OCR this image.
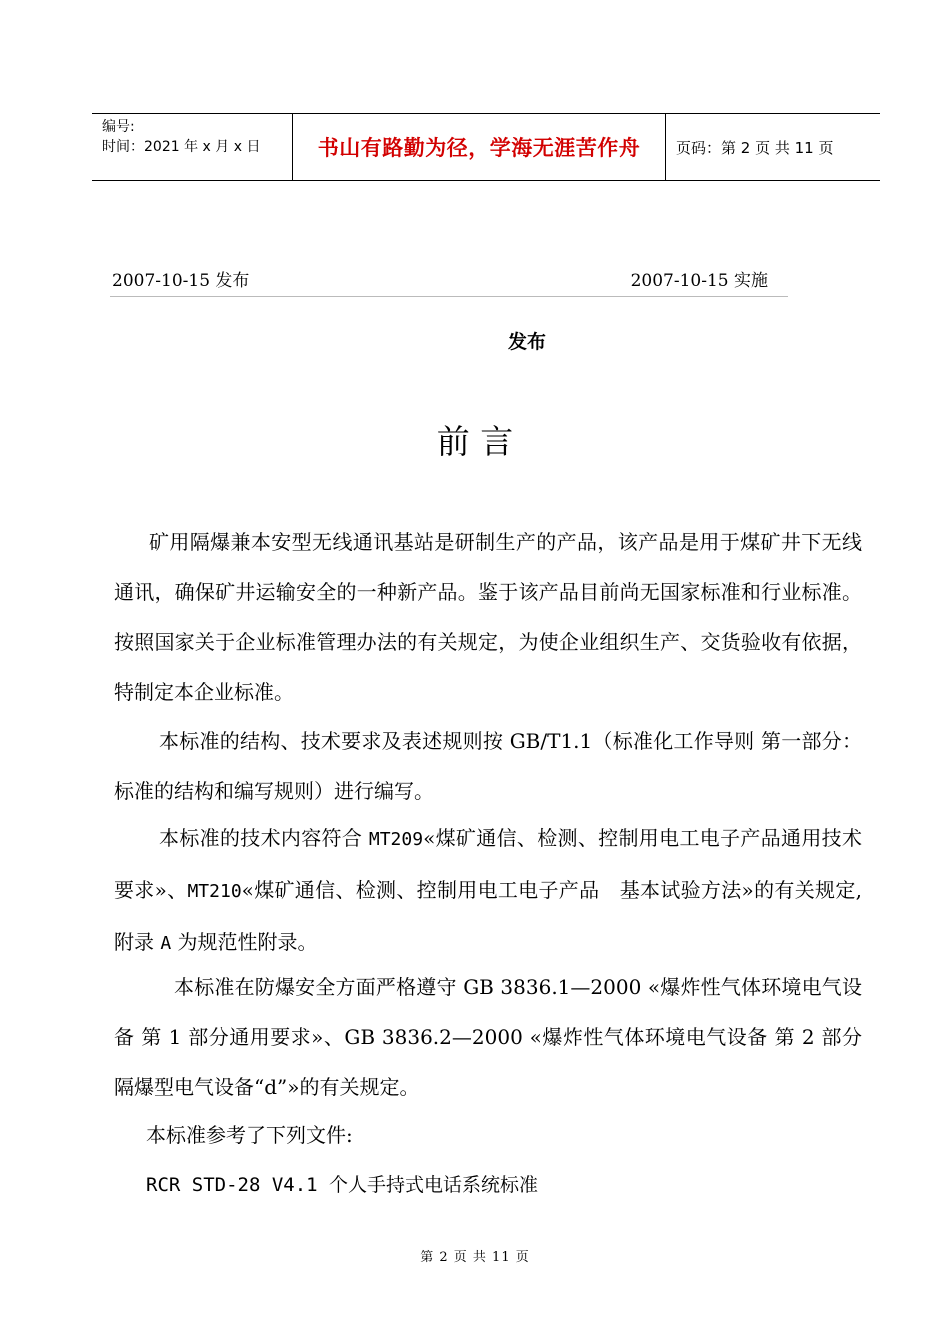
编号:
时间：2021 年 x 月 x 日	书山有路勤为径，学海无涯苦作舟 页码：第 2 页 共 11 页
2007-10-15 发布	2007-10-15 实施
发布
前 言
矿用隔爆兼本安型无线通讯基站是研制生产的产品，该产品是用于煤矿井下无线通讯，确保矿井运输安全的一种新产品。鉴于该产品目前尚无国家标准和行业标准。按照国家关于企业标准管理办法的有关规定，为使企业组织生产、交货验收有依据，特制定本企业标准。
本标准的结构、技术要求及表述规则按 GB/T1.1（标准化工作导则 第一部分：标准的结构和编写规则）进行编写。
本标准的技术内容符合 MT209«煤矿通信、检测、控制用电工电子产品通用技术要求»、MT210«煤矿通信、检测、控制用电工电子产品　基本试验方法»的有关规定,附录 A 为规范性附录。
本标准在防爆安全方面严格遵守 GB 3836.1—2000 «爆炸性气体环境电气设备 第 1 部分通用要求»、GB 3836.2—2000 «爆炸性气体环境电气设备 第 2 部分隔爆型电气设备“d”»的有关规定。
本标准参考了下列文件:
RCR STD-28 V4.1 个人手持式电话系统标准
第 2 页 共 11 页
